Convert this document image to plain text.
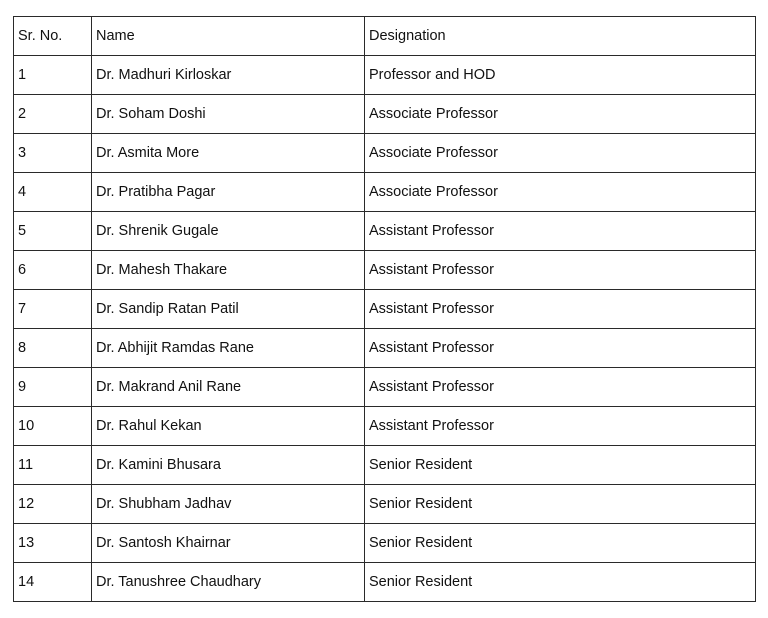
Sr. No.	Name	Designation
1	Dr. Madhuri Kirloskar	Professor and HOD
2	Dr. Soham Doshi	Associate Professor
3	Dr. Asmita More	Associate Professor
4	Dr. Pratibha Pagar	Associate Professor
5	Dr. Shrenik Gugale	Assistant Professor
6	Dr. Mahesh Thakare	Assistant Professor
7	Dr. Sandip Ratan Patil	Assistant Professor
8	Dr. Abhijit Ramdas Rane	Assistant Professor
9	Dr. Makrand Anil Rane	Assistant Professor
10	Dr. Rahul Kekan	Assistant Professor
11	Dr. Kamini Bhusara	Senior Resident
12	Dr. Shubham Jadhav	Senior Resident
13	Dr. Santosh Khairnar	Senior Resident
14	Dr. Tanushree Chaudhary	Senior Resident
